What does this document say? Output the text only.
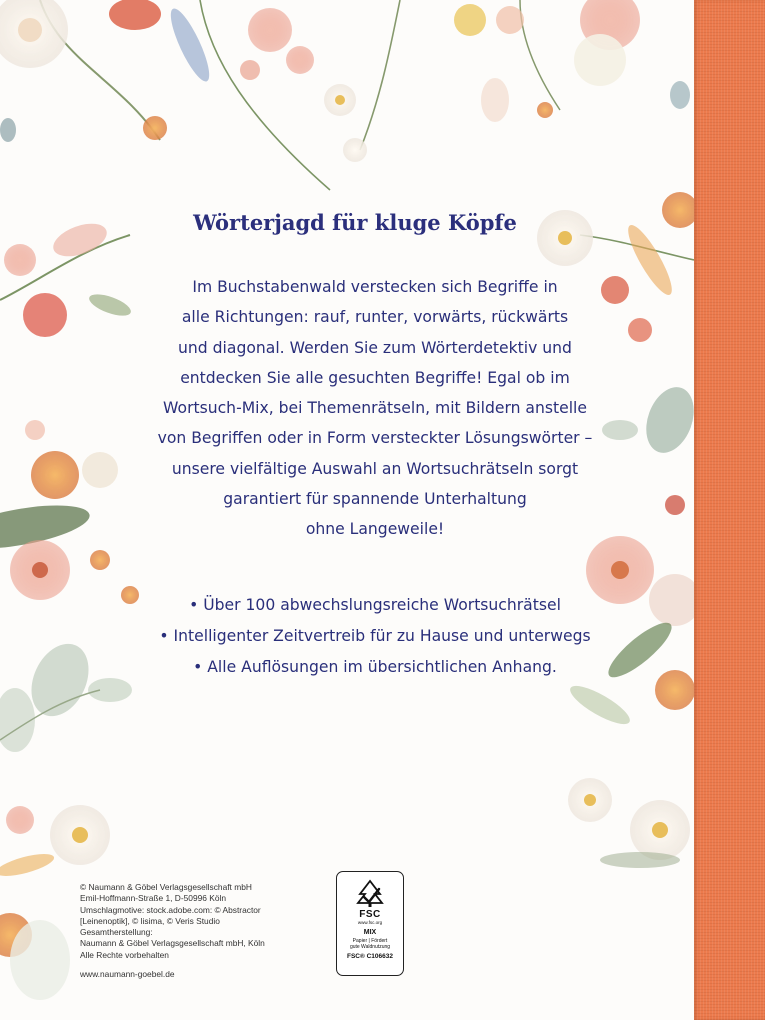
Wörterjagd für kluge Köpfe
Im Buchstabenwald verstecken sich Begriffe in
alle Richtungen: rauf, runter, vorwärts, rückwärts
und diagonal. Werden Sie zum Wörterdetektiv und
entdecken Sie alle gesuchten Begriffe! Egal ob im
Wortsuch-Mix, bei Themenrätseln, mit Bildern anstelle
von Begriffen oder in Form versteckter Lösungswörter –
unsere vielfältige Auswahl an Wortsuchrätseln sorgt
garantiert für spannende Unterhaltung
ohne Langeweile!
• Über 100 abwechslungsreiche Wortsuchrätsel
• Intelligenter Zeitvertreib für zu Hause und unterwegs
• Alle Auflösungen im übersichtlichen Anhang.
© Naumann & Göbel Verlagsgesellschaft mbH
Emil-Hoffmann-Straße 1, D-50996 Köln
Umschlagmotive: stock.adobe.com: © Abstractor
[Leinenoptik], © lisima, © Veris Studio
Gesamtherstellung:
Naumann & Göbel Verlagsgesellschaft mbH, Köln
Alle Rechte vorbehalten
www.naumann-goebel.de
FSC
www.fsc.org
MIX
Papier | Fördert
gute Waldnutzung
FSC® C106632
